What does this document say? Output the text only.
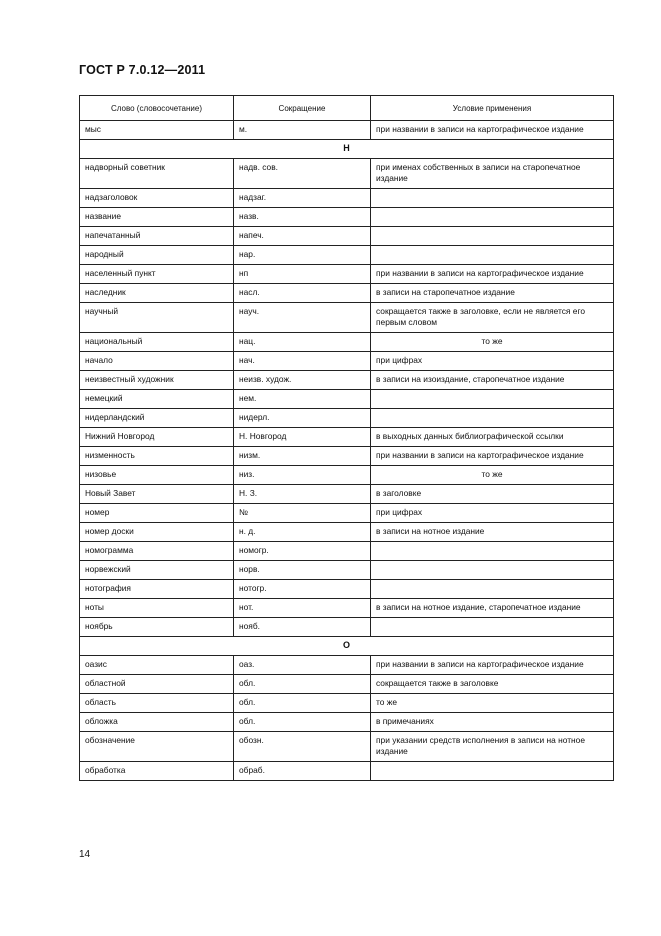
ГОСТ Р 7.0.12—2011
Слово (словосочетание)	Сокращение	Условие применения
мыс	м.	при названии в записи на картографическое издание
Н		
надворный советник	надв. сов.	при именах собственных в записи на старопечатное издание
надзаголовок	надзаг.	
название	назв.	
напечатанный	напеч.	
народный	нар.	
населенный пункт	нп	при названии в записи на картографическое издание
наследник	насл.	в записи на старопечатное издание
научный	науч.	сокращается также в заголовке, если не является его первым словом
национальный	нац.	то же
начало	нач.	при цифрах
неизвестный художник	неизв. худож.	в записи на изоиздание, старопечатное издание
немецкий	нем.	
нидерландский	нидерл.	
Нижний Новгород	Н. Новгород	в выходных данных библиографической ссылки
низменность	низм.	при названии в записи на картографическое издание
низовье	низ.	то же
Новый Завет	Н. З.	в заголовке
номер	№	при цифрах
номер доски	н. д.	в записи на нотное издание
номограмма	номогр.	
норвежский	норв.	
нотография	нотогр.	
ноты	нот.	в записи на нотное издание, старопечатное издание
ноябрь	нояб.	
О		
оазис	оаз.	при названии в записи на картографическое издание
областной	обл.	сокращается также в заголовке
область	обл.	то же
обложка	обл.	в примечаниях
обозначение	обозн.	при указании средств исполнения в записи на нотное издание
обработка	обраб.	
14
